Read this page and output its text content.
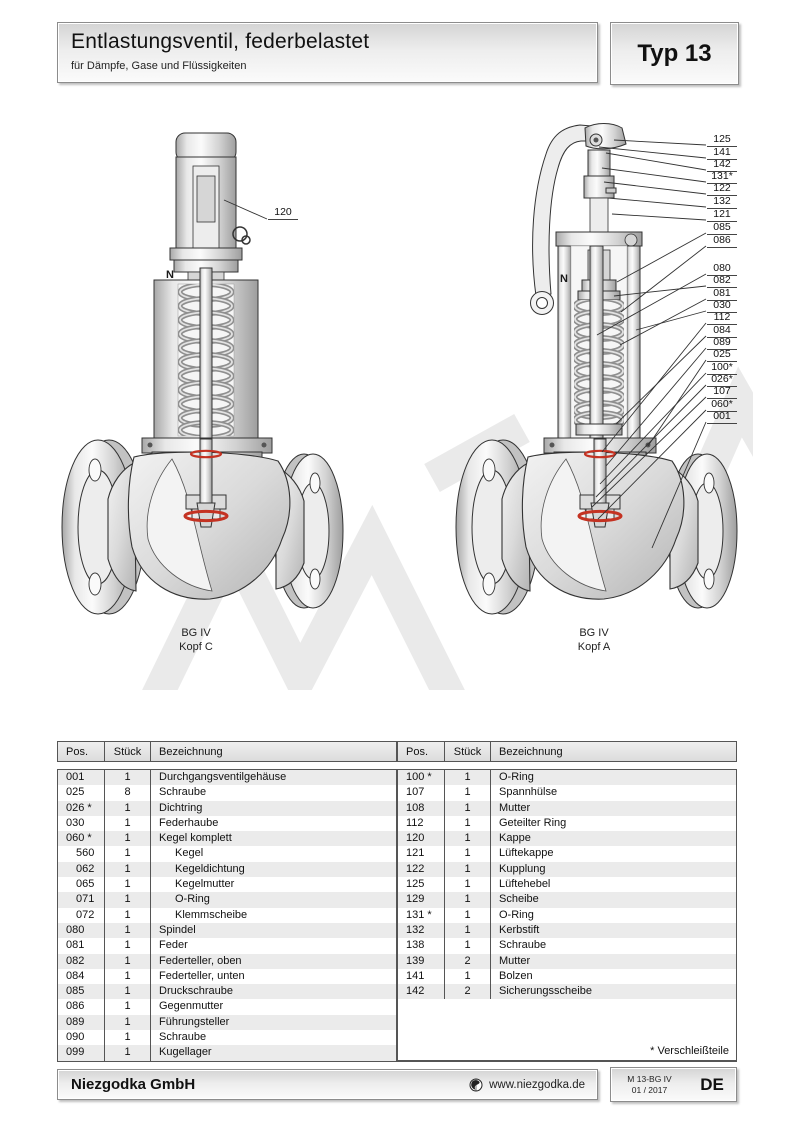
Entlastungsventil, federbelastet
für Dämpfe, Gase und Flüssigkeiten	Typ 13
N	N
120
125
141
142
131*
122
132
121
085
086
080
082
081
030
112
084
089
025
100*
026*
107
060*
001
BG IV
Kopf C
BG IV
Kopf A
Pos.	Stück	Bezeichnung
001	1	Durchgangsventilgehäuse
025	8	Schraube
026 *	1	Dichtring
030	1	Federhaube
060 *	1	Kegel komplett
560	1	Kegel
062	1	Kegeldichtung
065	1	Kegelmutter
071	1	O-Ring
072	1	Klemmscheibe
080	1	Spindel
081	1	Feder
082	1	Federteller, oben
084	1	Federteller, unten
085	1	Druckschraube
086	1	Gegenmutter
089	1	Führungsteller
090	1	Schraube
099	1	Kugellager
Pos.	Stück	Bezeichnung
100 *	1	O-Ring
107	1	Spannhülse
108	1	Mutter
112	1	Geteilter Ring
120	1	Kappe
121	1	Lüftekappe
122	1	Kupplung
125	1	Lüftehebel
129	1	Scheibe
131 *	1	O-Ring
132	1	Kerbstift
138	1	Schraube
139	2	Mutter
141	1	Bolzen
142	2	Sicherungsscheibe
* Verschleißteile
Niezgodka GmbH	www.niezgodka.de	M 13-BG IV
01 / 2017	DE
